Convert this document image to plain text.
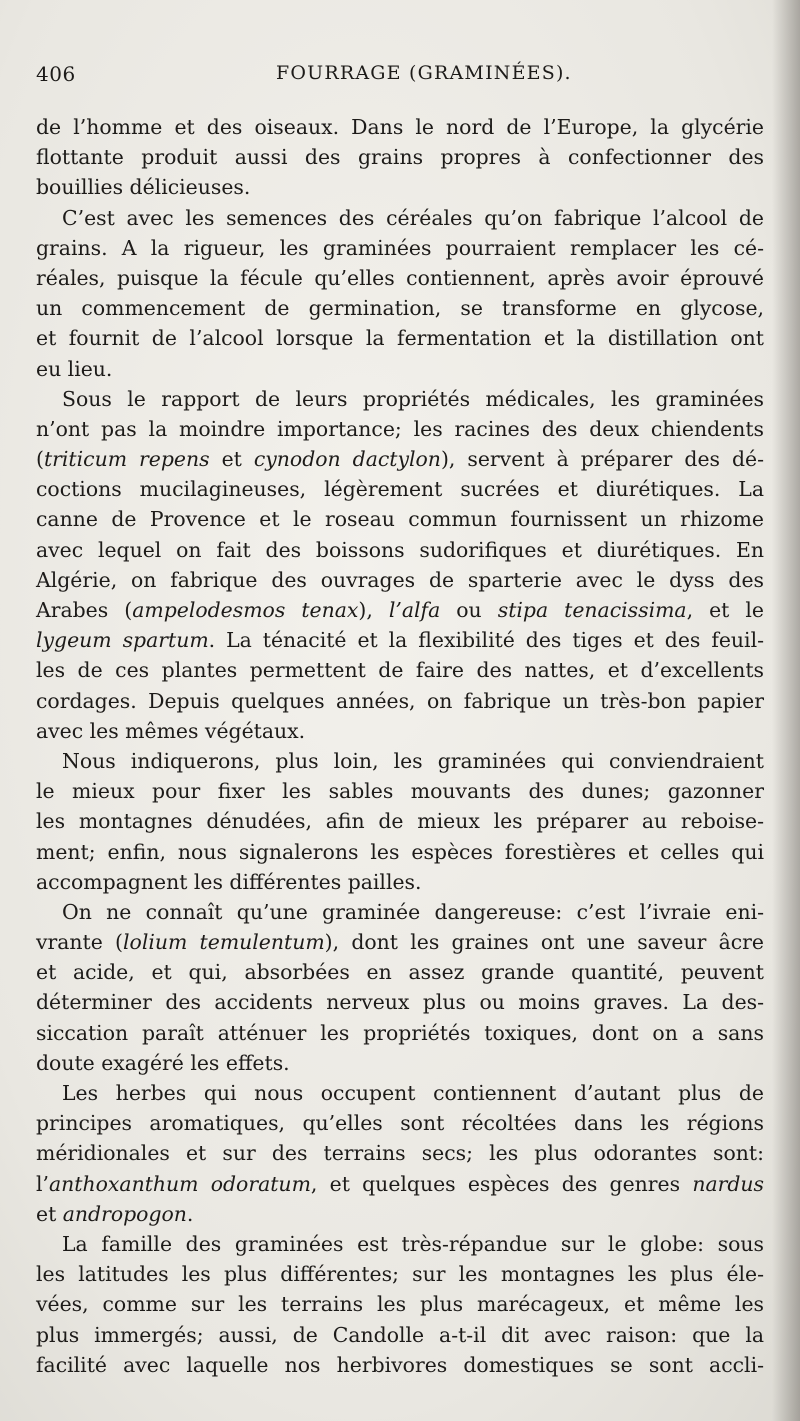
406	FOURRAGE (GRAMINÉES).
de l’homme et des oiseaux. Dans le nord de l’Europe, la glycérie
flottante produit aussi des grains propres à confectionner des
bouillies délicieuses.
C’est avec les semences des céréales qu’on fabrique l’alcool de
grains. A la rigueur, les graminées pourraient remplacer les cé-
réales, puisque la fécule qu’elles contiennent, après avoir éprouvé
un commencement de germination, se transforme en glycose,
et fournit de l’alcool lorsque la fermentation et la distillation ont
eu lieu.
Sous le rapport de leurs propriétés médicales, les graminées
n’ont pas la moindre importance; les racines des deux chiendents
(triticum repens et cynodon dactylon), servent à préparer des dé-
coctions mucilagineuses, légèrement sucrées et diurétiques. La
canne de Provence et le roseau commun fournissent un rhizome
avec lequel on fait des boissons sudorifiques et diurétiques. En
Algérie, on fabrique des ouvrages de sparterie avec le dyss des
Arabes (ampelodesmos tenax), l’alfa ou stipa tenacissima, et le
lygeum spartum. La ténacité et la flexibilité des tiges et des feuil-
les de ces plantes permettent de faire des nattes, et d’excellents
cordages. Depuis quelques années, on fabrique un très-bon papier
avec les mêmes végétaux.
Nous indiquerons, plus loin, les graminées qui conviendraient
le mieux pour fixer les sables mouvants des dunes; gazonner
les montagnes dénudées, afin de mieux les préparer au reboise-
ment; enfin, nous signalerons les espèces forestières et celles qui
accompagnent les différentes pailles.
On ne connaît qu’une graminée dangereuse: c’est l’ivraie eni-
vrante (lolium temulentum), dont les graines ont une saveur âcre
et acide, et qui, absorbées en assez grande quantité, peuvent
déterminer des accidents nerveux plus ou moins graves. La des-
siccation paraît atténuer les propriétés toxiques, dont on a sans
doute exagéré les effets.
Les herbes qui nous occupent contiennent d’autant plus de
principes aromatiques, qu’elles sont récoltées dans les régions
méridionales et sur des terrains secs; les plus odorantes sont:
l’anthoxanthum odoratum, et quelques espèces des genres nardus
et andropogon.
La famille des graminées est très-répandue sur le globe: sous
les latitudes les plus différentes; sur les montagnes les plus éle-
vées, comme sur les terrains les plus marécageux, et même les
plus immergés; aussi, de Candolle a-t-il dit avec raison: que la
facilité avec laquelle nos herbivores domestiques se sont accli-
